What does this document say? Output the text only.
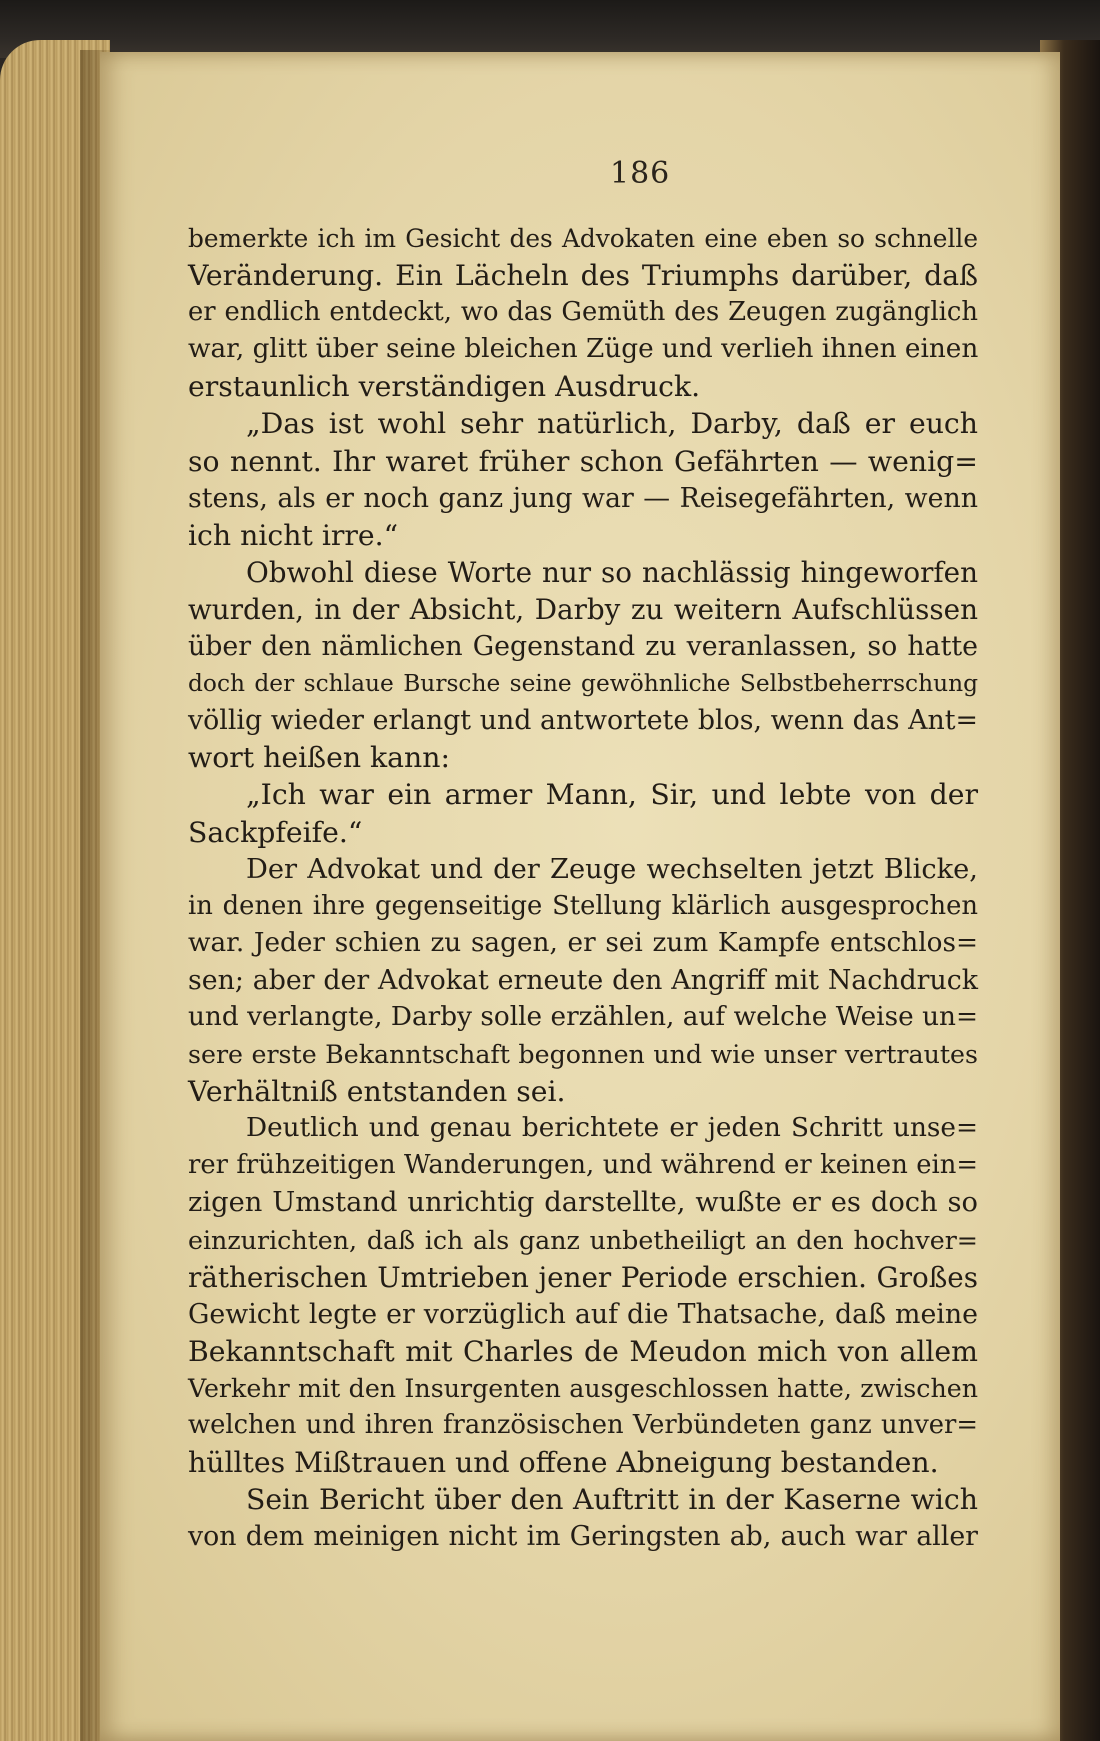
186
bemerkte ich im Gesicht des Advokaten eine eben so schnelle
Veränderung. Ein Lächeln des Triumphs darüber, daß
er endlich entdeckt, wo das Gemüth des Zeugen zugänglich
war, glitt über seine bleichen Züge und verlieh ihnen einen
erstaunlich verständigen Ausdruck.
„Das ist wohl sehr natürlich, Darby, daß er euch
so nennt. Ihr waret früher schon Gefährten — wenig=
stens, als er noch ganz jung war — Reisegefährten, wenn
ich nicht irre.“
Obwohl diese Worte nur so nachlässig hingeworfen
wurden, in der Absicht, Darby zu weitern Aufschlüssen
über den nämlichen Gegenstand zu veranlassen, so hatte
doch der schlaue Bursche seine gewöhnliche Selbstbeherrschung
völlig wieder erlangt und antwortete blos, wenn das Ant=
wort heißen kann:
„Ich war ein armer Mann, Sir, und lebte von der
Sackpfeife.“
Der Advokat und der Zeuge wechselten jetzt Blicke,
in denen ihre gegenseitige Stellung klärlich ausgesprochen
war. Jeder schien zu sagen, er sei zum Kampfe entschlos=
sen; aber der Advokat erneute den Angriff mit Nachdruck
und verlangte, Darby solle erzählen, auf welche Weise un=
sere erste Bekanntschaft begonnen und wie unser vertrautes
Verhältniß entstanden sei.
Deutlich und genau berichtete er jeden Schritt unse=
rer frühzeitigen Wanderungen, und während er keinen ein=
zigen Umstand unrichtig darstellte, wußte er es doch so
einzurichten, daß ich als ganz unbetheiligt an den hochver=
rätherischen Umtrieben jener Periode erschien. Großes
Gewicht legte er vorzüglich auf die Thatsache, daß meine
Bekanntschaft mit Charles de Meudon mich von allem
Verkehr mit den Insurgenten ausgeschlossen hatte, zwischen
welchen und ihren französischen Verbündeten ganz unver=
hülltes Mißtrauen und offene Abneigung bestanden.
Sein Bericht über den Auftritt in der Kaserne wich
von dem meinigen nicht im Geringsten ab, auch war aller
